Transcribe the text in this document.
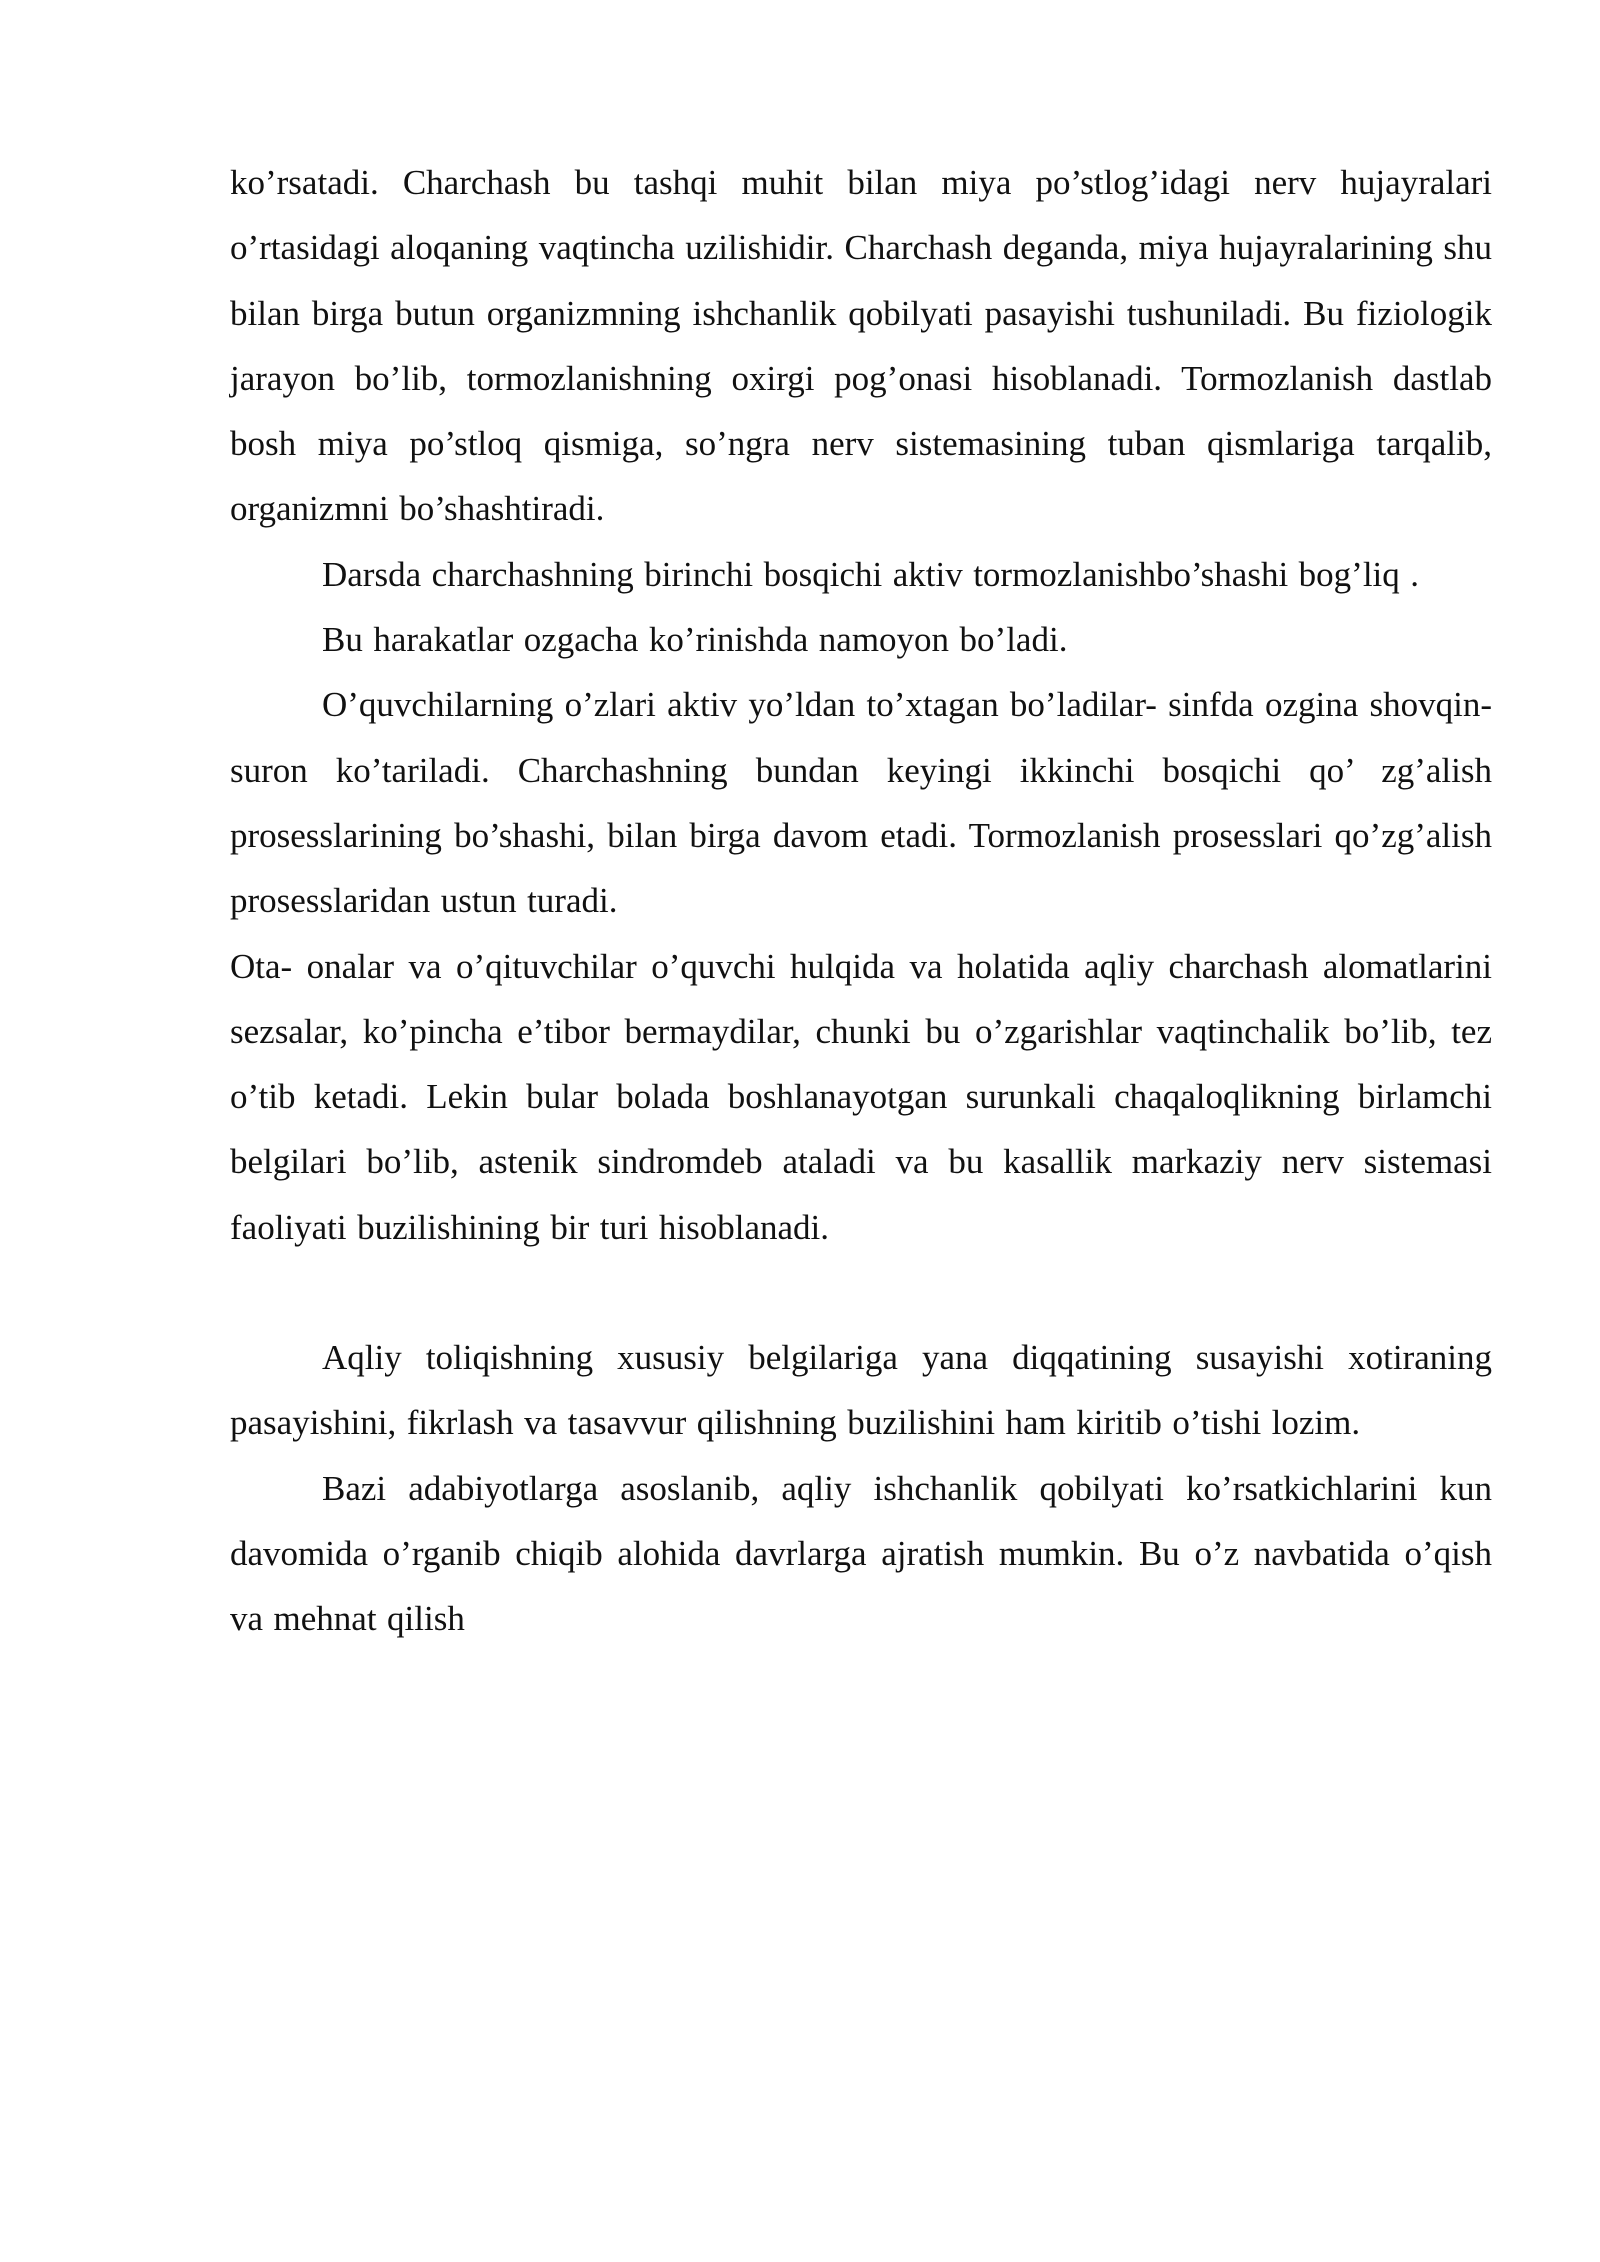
ko’rsatadi. Charchash bu tashqi muhit bilan miya po’stlog’idagi nerv hujayralari o’rtasidagi aloqaning vaqtincha uzilishidir. Charchash deganda, miya hujayralarining shu bilan birga butun organizmning ishchanlik qobilyati pasayishi tushuniladi. Bu fiziologik jarayon bo’lib, tormozlanishning oxirgi pog’onasi hisoblanadi. Tormozlanish dastlab bosh miya po’stloq qismiga, so’ngra nerv sistemasining tuban qismlariga tarqalib, organizmni bo’shashtiradi.

Darsda charchashning birinchi bosqichi aktiv tormozlanishbo’shashi bog’liq .

Bu harakatlar ozgacha ko’rinishda namoyon bo’ladi.

O’quvchilarning o’zlari aktiv yo’ldan to’xtagan bo’ladilar- sinfda ozgina shovqin- suron ko’tariladi. Charchashning bundan keyingi ikkinchi bosqichi qo’ zg’alish prosesslarining bo’shashi, bilan birga davom etadi. Tormozlanish prosesslari qo’zg’alish prosesslaridan ustun turadi.

Ota- onalar va o’qituvchilar o’quvchi hulqida va holatida aqliy charchash alomatlarini sezsalar, ko’pincha e’tibor bermaydilar, chunki bu o’zgarishlar vaqtinchalik bo’lib, tez o’tib ketadi. Lekin bular bolada boshlanayotgan surunkali chaqaloqlikning birlamchi belgilari bo’lib, astenik sindromdeb ataladi va bu kasallik markaziy nerv sistemasi faoliyati buzilishining bir turi hisoblanadi.

Aqliy toliqishning xususiy belgilariga yana diqqatining susayishi xotiraning pasayishini, fikrlash va tasavvur qilishning buzilishini ham kiritib o’tishi lozim.

Bazi adabiyotlarga asoslanib, aqliy ishchanlik qobilyati ko’rsatkichlarini kun davomida o’rganib chiqib alohida davrlarga ajratish mumkin. Bu o’z navbatida o’qish va mehnat qilish
